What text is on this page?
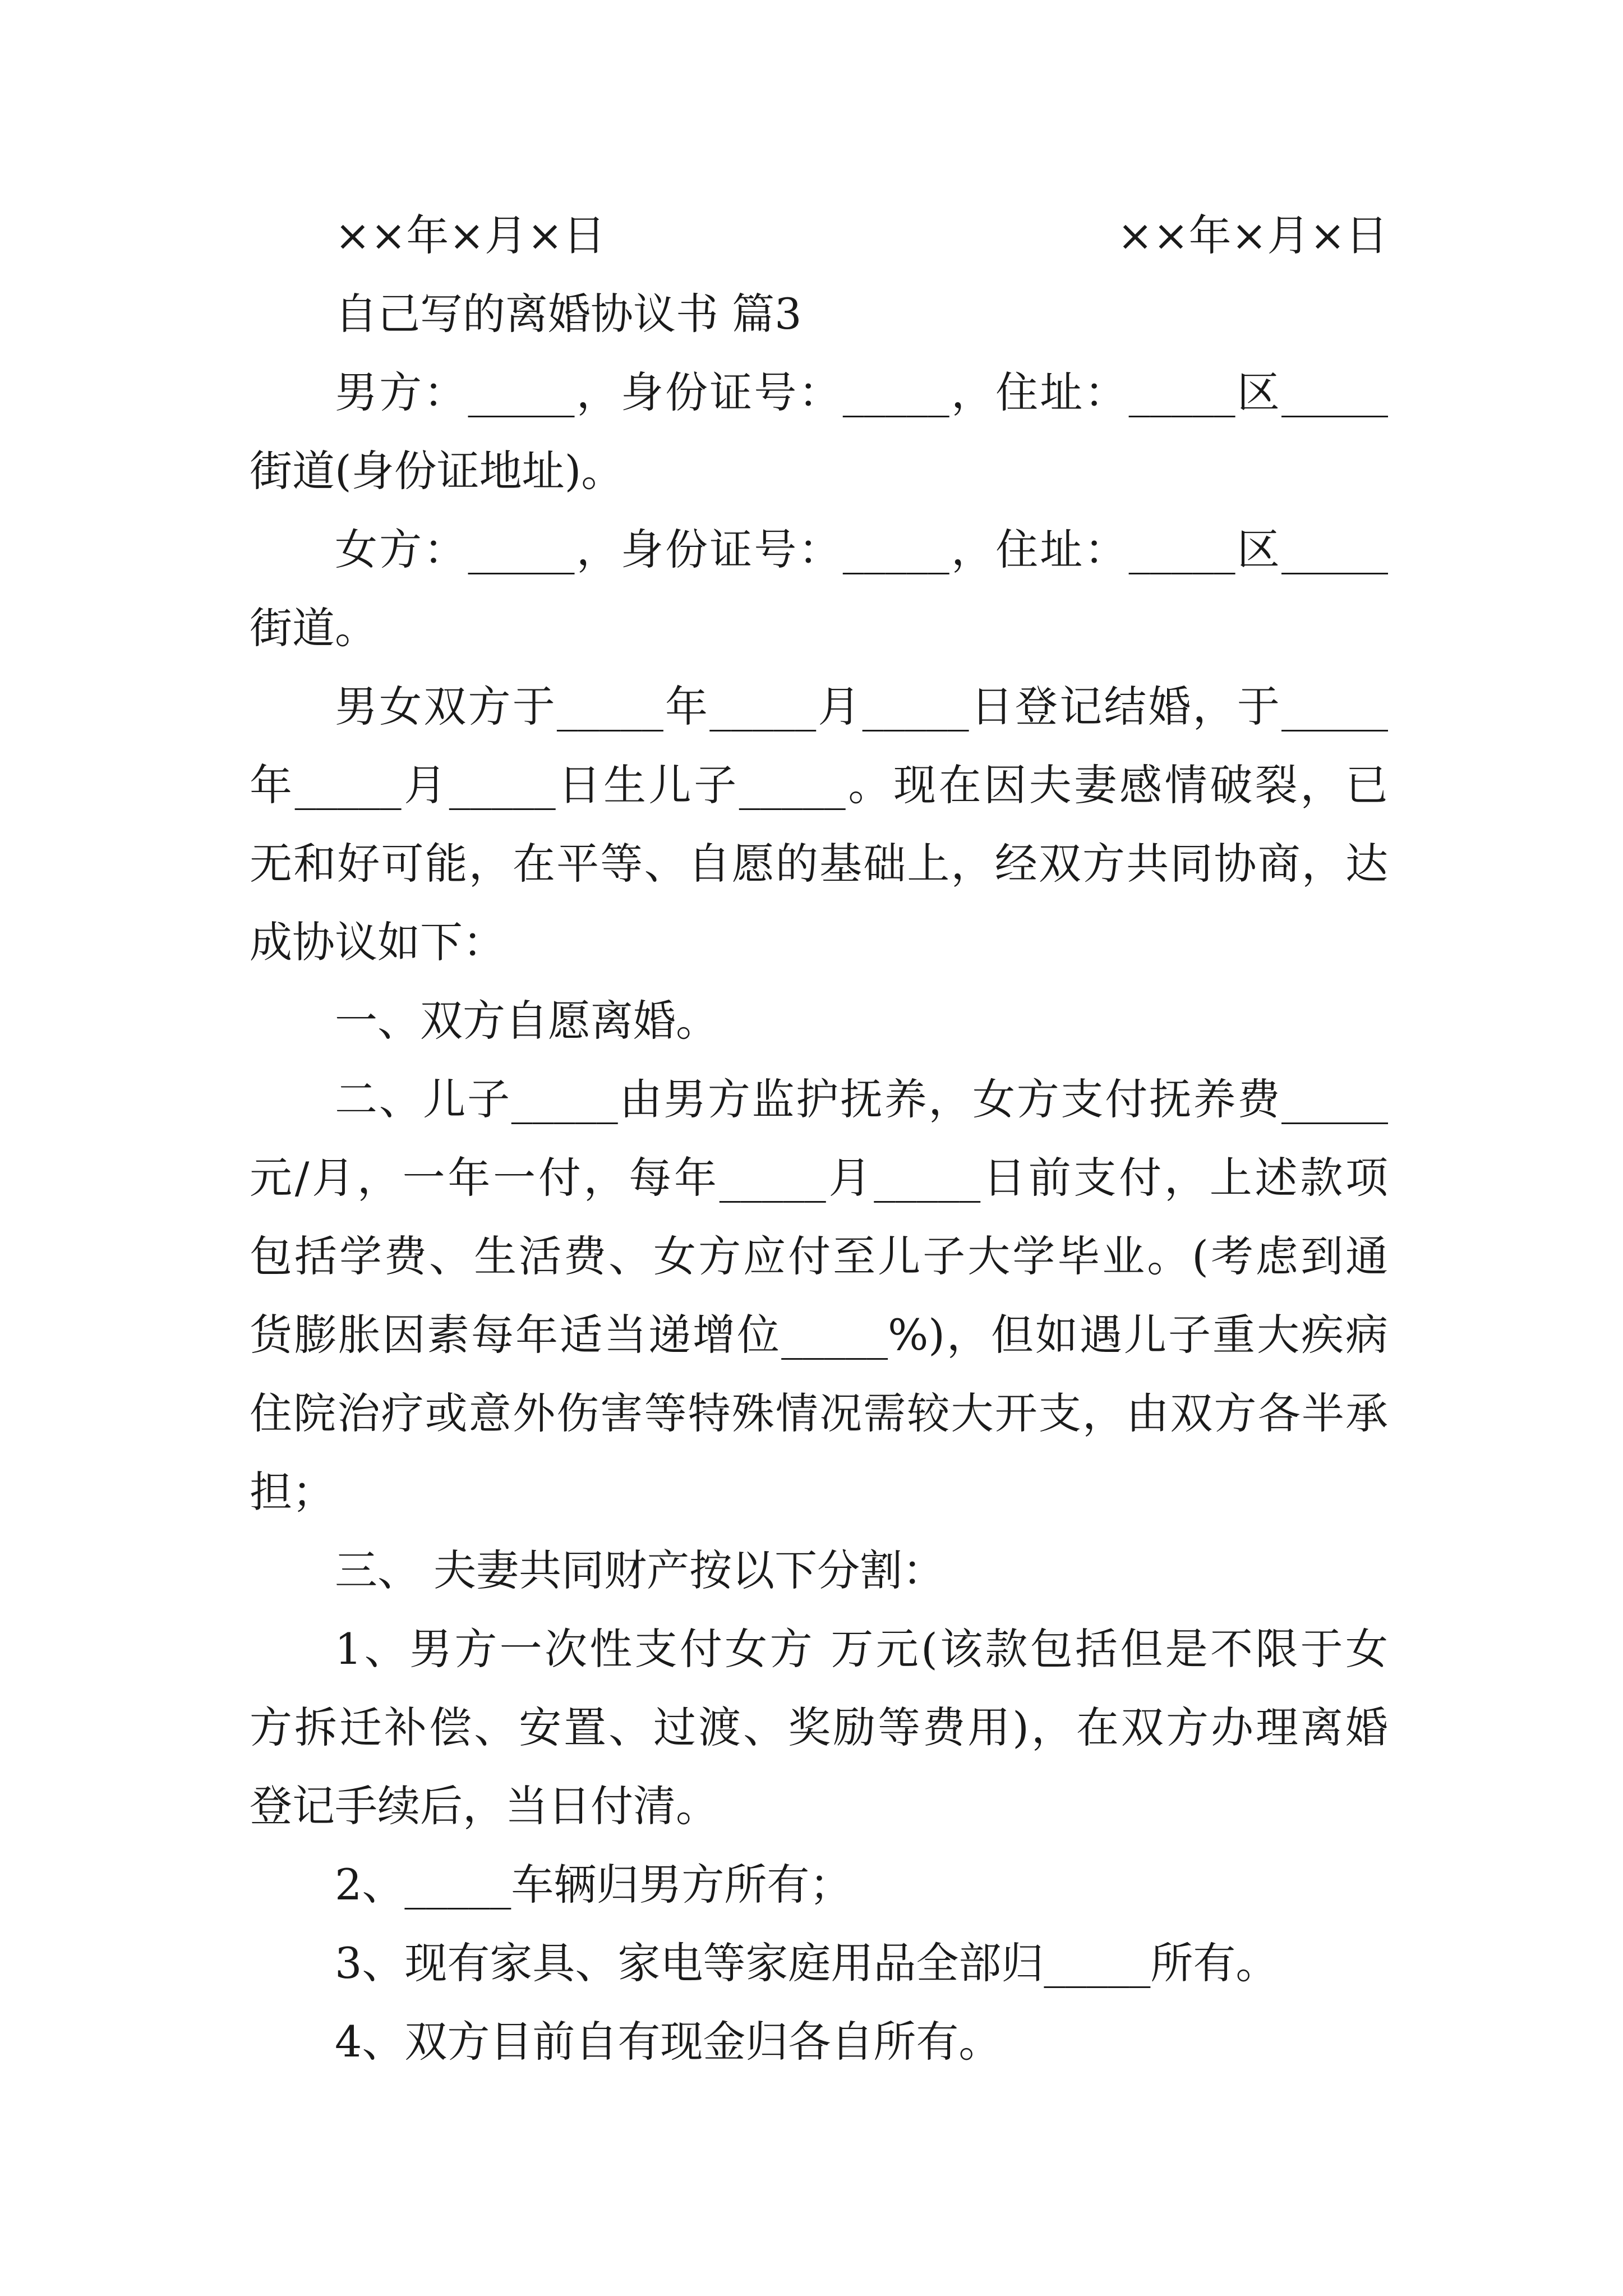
××年×月×日	××年×月×日
自己写的离婚协议书 篇3
男方：_____，身份证号：_____，住址：_____区_____
街道(身份证地址)。
女方：_____，身份证号：_____，住址：_____区_____
街道。
男女双方于_____年_____月_____日登记结婚，于_____
年_____月_____日生儿子_____。现在因夫妻感情破裂，已
无和好可能，在平等、自愿的基础上，经双方共同协商，达
成协议如下：
一、双方自愿离婚。
二、儿子_____由男方监护抚养，女方支付抚养费_____
元/月，一年一付，每年_____月_____日前支付，上述款项
包括学费、生活费、女方应付至儿子大学毕业。(考虑到通
货膨胀因素每年适当递增位_____%)，但如遇儿子重大疾病
住院治疗或意外伤害等特殊情况需较大开支，由双方各半承
担；
三、 夫妻共同财产按以下分割：
1、男方一次性支付女方 万元(该款包括但是不限于女
方拆迁补偿、安置、过渡、奖励等费用)，在双方办理离婚
登记手续后，当日付清。
2、_____车辆归男方所有；
3、现有家具、家电等家庭用品全部归_____所有。
4、双方目前自有现金归各自所有。
